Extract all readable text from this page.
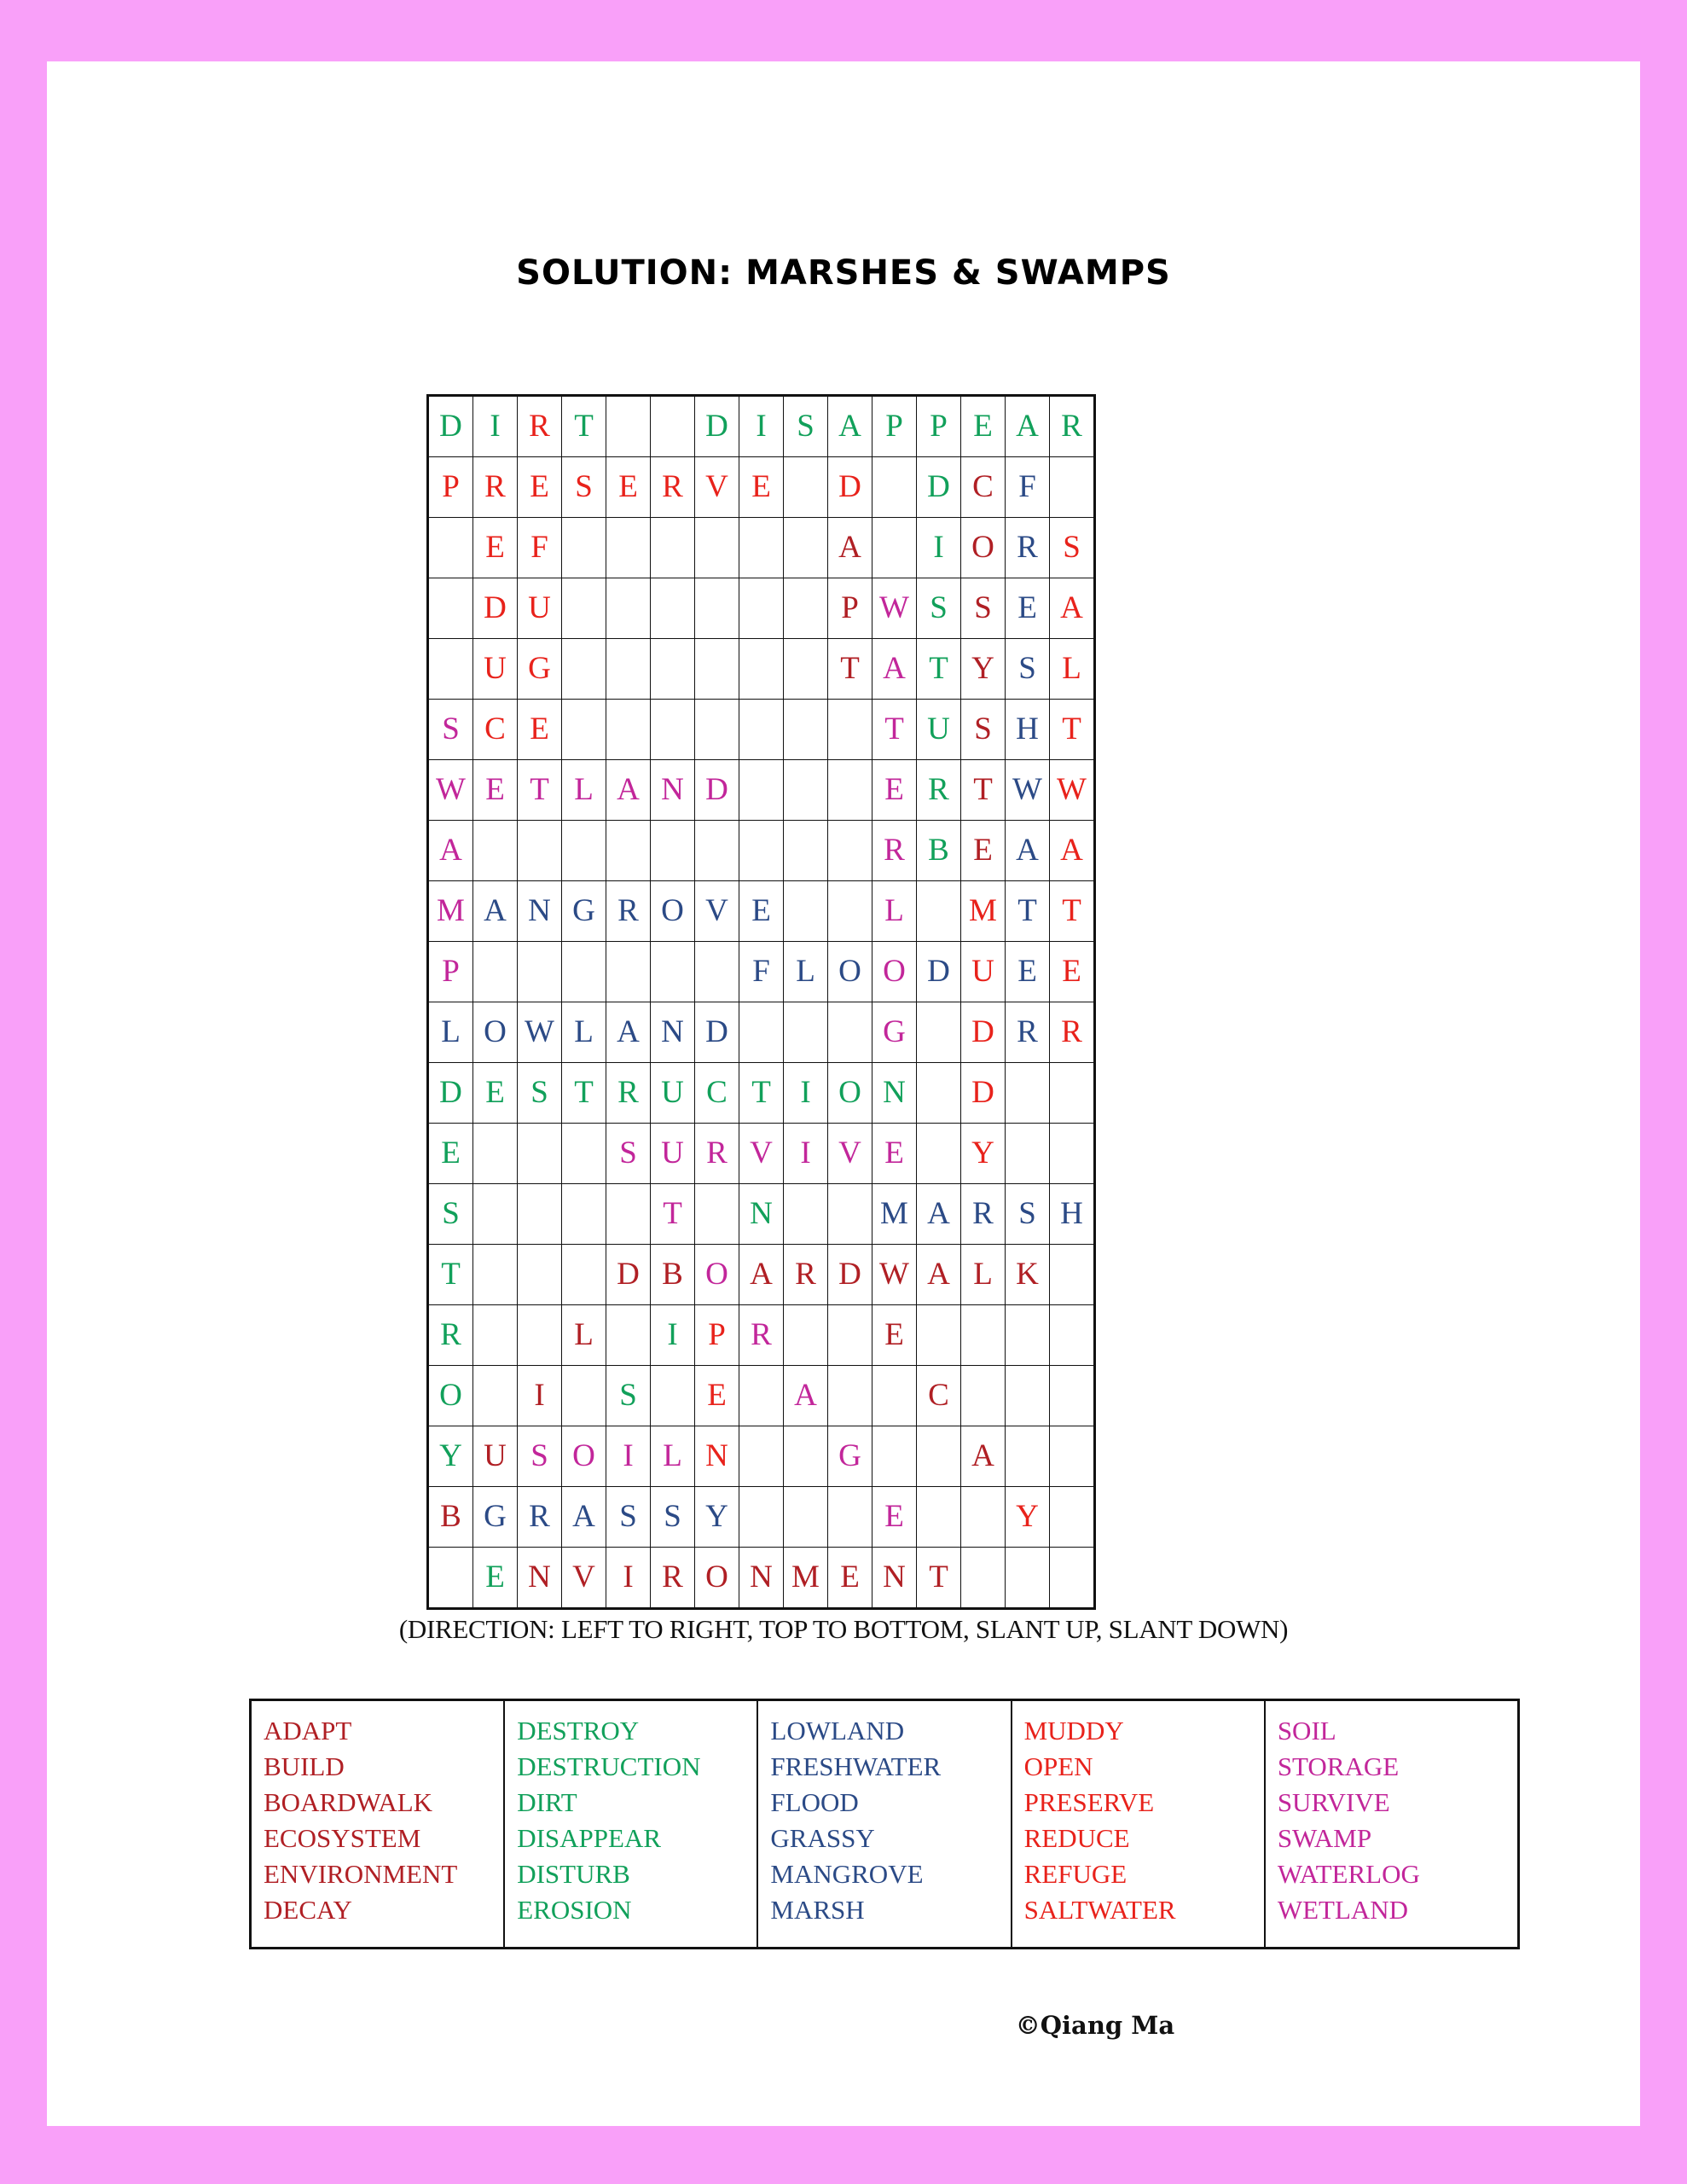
SOLUTION: MARSHES & SWAMPS
D	I	R	T			D	I	S	A	P	P	E	A	R
P	R	E	S	E	R	V	E		D		D	C	F	
	E	F							A		I	O	R	S
	D	U							P	W	S	S	E	A
	U	G							T	A	T	Y	S	L
S	C	E								T	U	S	H	T
W	E	T	L	A	N	D				E	R	T	W	W
A										R	B	E	A	A
M	A	N	G	R	O	V	E			L		M	T	T
P							F	L	O	O	D	U	E	E
L	O	W	L	A	N	D				G		D	R	R
D	E	S	T	R	U	C	T	I	O	N		D		
E				S	U	R	V	I	V	E		Y		
S					T		N			M	A	R	S	H
T				D	B	O	A	R	D	W	A	L	K	
R			L		I	P	R			E				
O		I		S		E		A			C			
Y	U	S	O	I	L	N			G			A		
B	G	R	A	S	S	Y				E			Y	
	E	N	V	I	R	O	N	M	E	N	T			
(DIRECTION: LEFT TO RIGHT, TOP TO BOTTOM, SLANT UP, SLANT DOWN)
ADAPT
BUILD
BOARDWALK
ECOSYSTEM
ENVIRONMENT
DECAY
DESTROY
DESTRUCTION
DIRT
DISAPPEAR
DISTURB
EROSION
LOWLAND
FRESHWATER
FLOOD
GRASSY
MANGROVE
MARSH
MUDDY
OPEN
PRESERVE
REDUCE
REFUGE
SALTWATER
SOIL
STORAGE
SURVIVE
SWAMP
WATERLOG
WETLAND
©Qiang Ma
